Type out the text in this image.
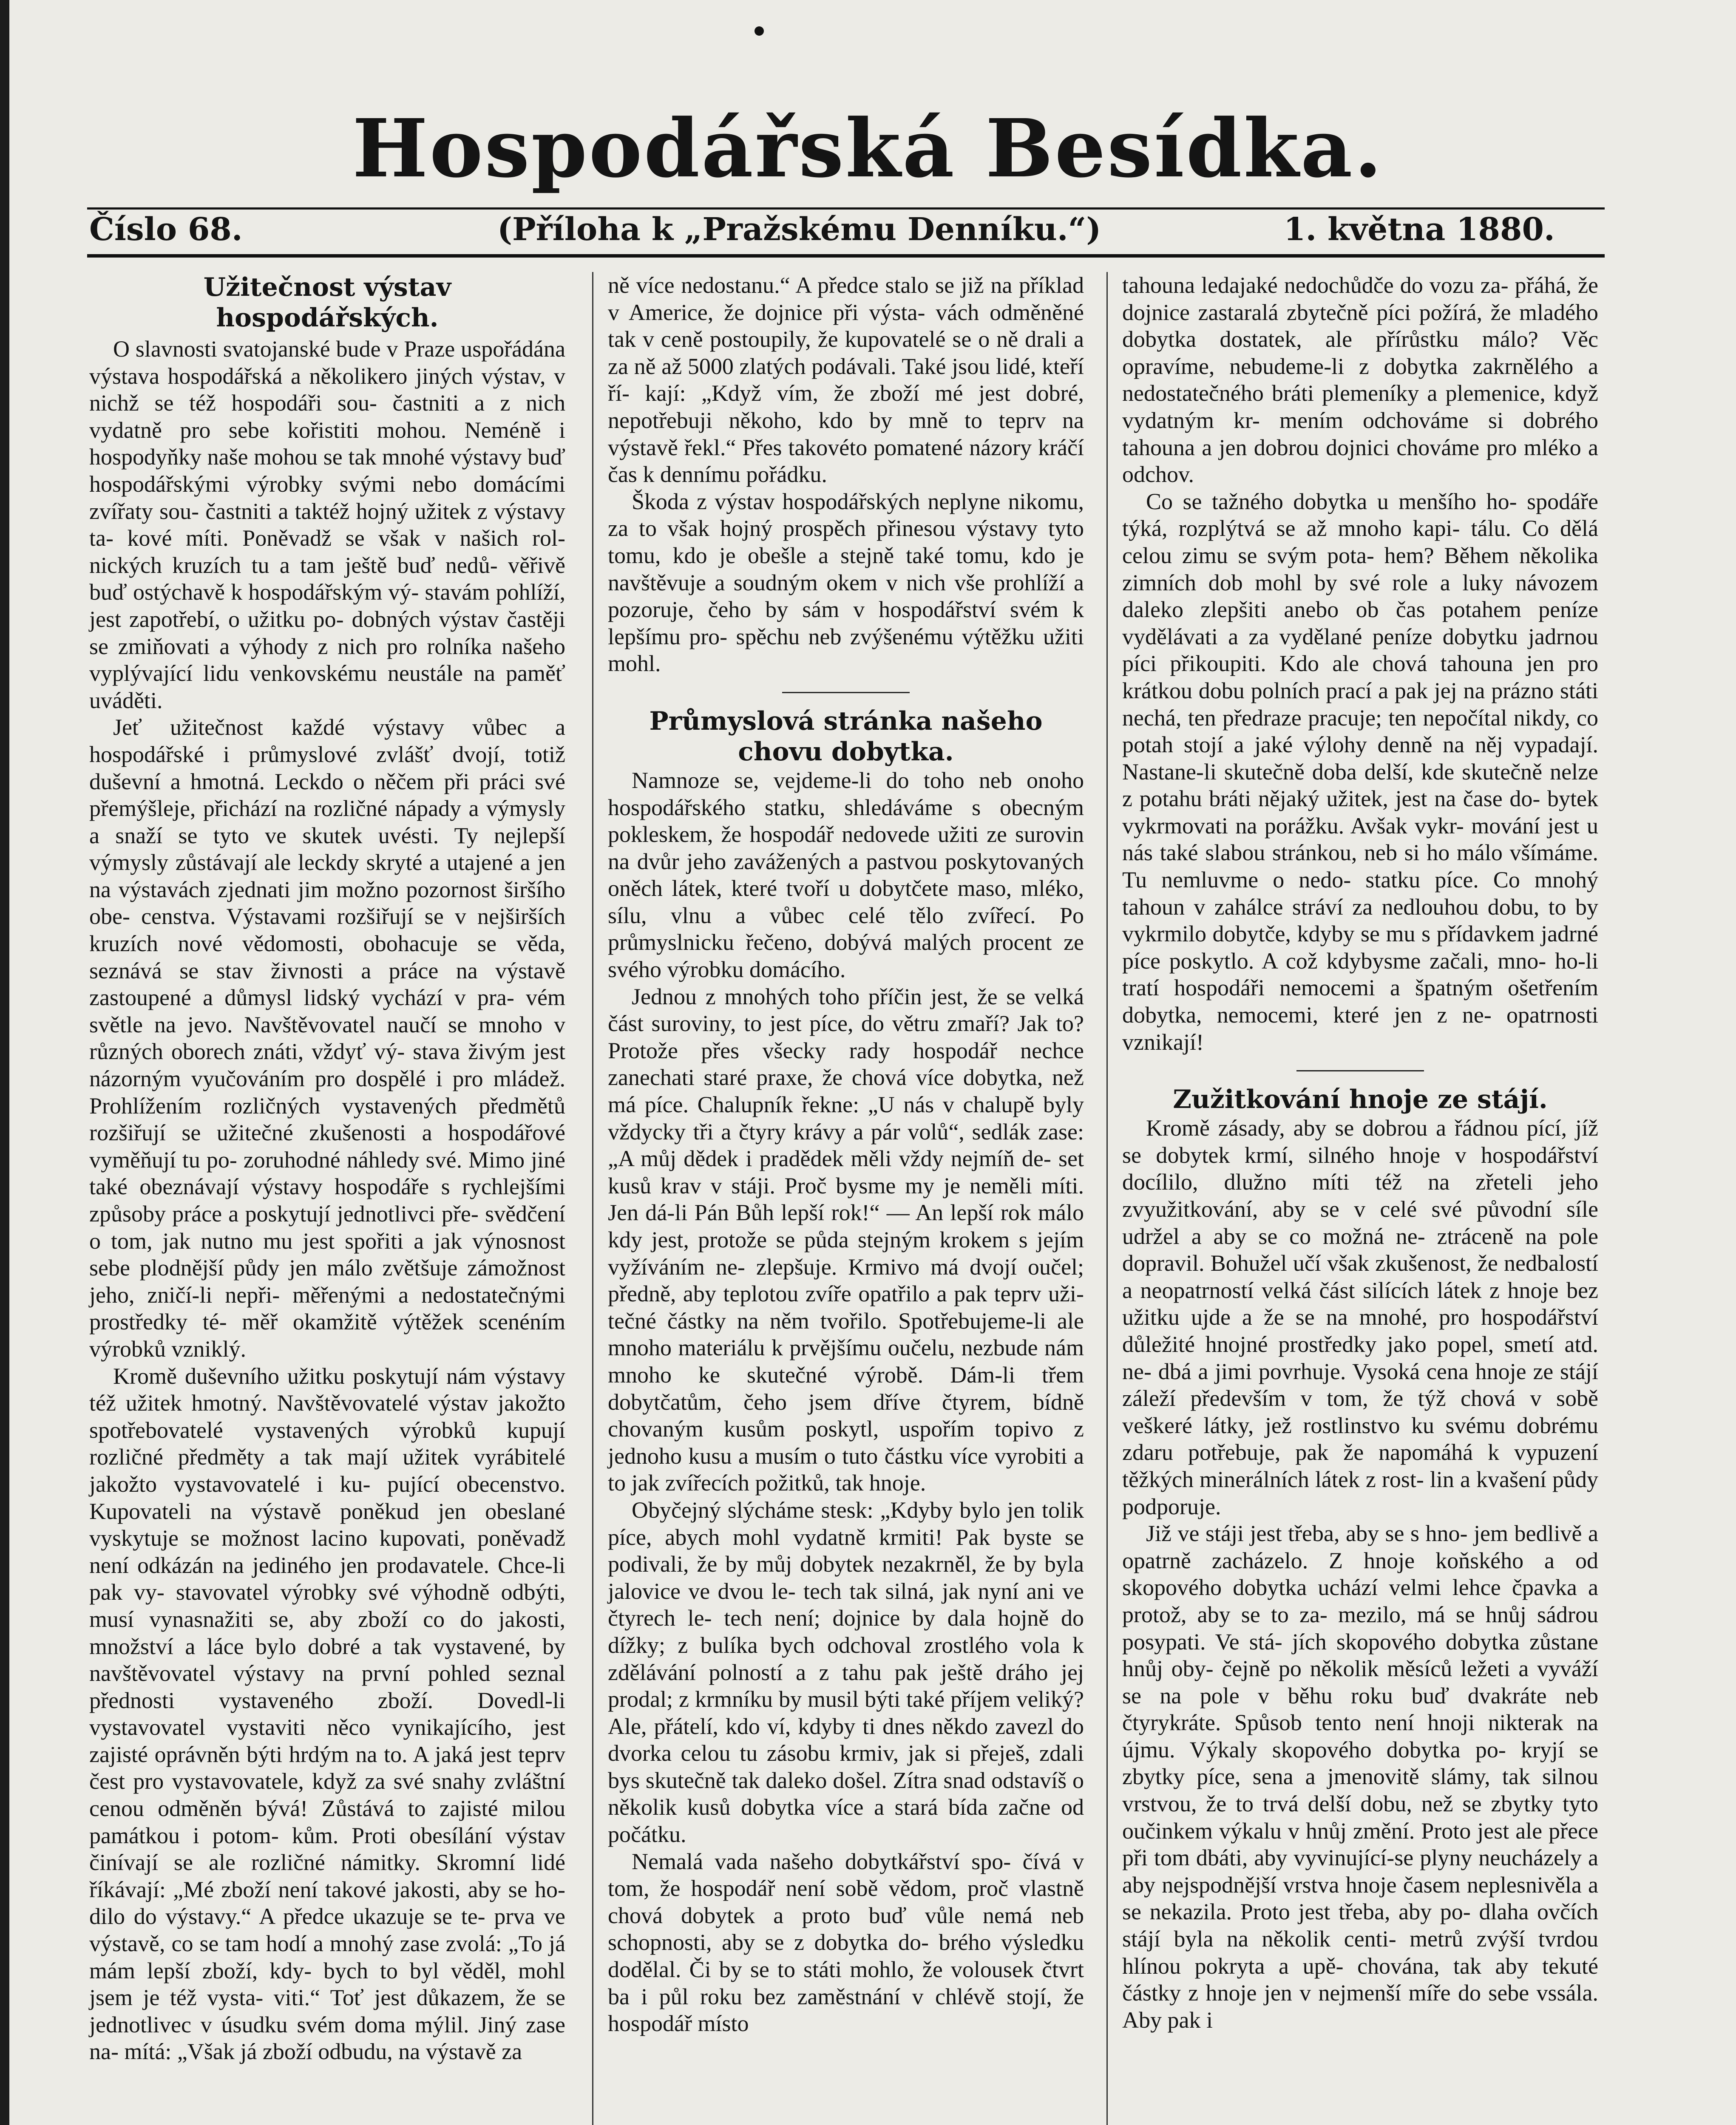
Hospodářská Besídka.
Číslo 68.	(Příloha k „Pražskému Denníku.“)	1. května 1880.
Užitečnost výstav hospodářských.

O slavnosti svatojanské bude v Praze uspořádána výstava hospodářská a několikero jiných výstav, v nichž se též hospodáři sou- častniti a z nich vydatně pro sebe kořistiti mohou. Neméně i hospodyňky naše mohou se tak mnohé výstavy buď hospodářskými výrobky svými nebo domácími zvířaty sou- častniti a taktéž hojný užitek z výstavy ta- kové míti. Poněvadž se však v našich rol- nických kruzích tu a tam ještě buď nedů- věřivě buď ostýchavě k hospodářským vý- stavám pohlíží, jest zapotřebí, o užitku po- dobných výstav častěji se zmiňovati a výhody z nich pro rolníka našeho vyplývající lidu venkovskému neustále na paměť uváděti.

Jeť užitečnost každé výstavy vůbec a hospodářské i průmyslové zvlášť dvojí, totiž duševní a hmotná. Leckdo o něčem při práci své přemýšleje, přichází na rozličné nápady a výmysly a snaží se tyto ve skutek uvésti. Ty nejlepší výmysly zůstávají ale leckdy skryté a utajené a jen na výstavách zjednati jim možno pozornost širšího obe- censtva. Výstavami rozšiřují se v nejširších kruzích nové vědomosti, obohacuje se věda, seznává se stav živnosti a práce na výstavě zastoupené a důmysl lidský vychází v pra- vém světle na jevo. Navštěvovatel naučí se mnoho v různých oborech znáti, vždyť vý- stava živým jest názorným vyučováním pro dospělé i pro mládež. Prohlížením rozličných vystavených předmětů rozšiřují se užitečné zkušenosti a hospodářové vyměňují tu po- zoruhodné náhledy své. Mimo jiné také obeznávají výstavy hospodáře s rychlejšími způsoby práce a poskytují jednotlivci pře- svědčení o tom, jak nutno mu jest spořiti a jak výnosnost sebe plodnější půdy jen málo zvětšuje zámožnost jeho, zničí-li nepři- měřenými a nedostatečnými prostředky té- měř okamžitě výtěžek scenéním výrobků vzniklý.

Kromě duševního užitku poskytují nám výstavy též užitek hmotný. Navštěvovatelé výstav jakožto spotřebovatelé vystavených výrobků kupují rozličné předměty a tak mají užitek vyrábitelé jakožto vystavovatelé i ku- pující obecenstvo. Kupovateli na výstavě poněkud jen obeslané vyskytuje se možnost lacino kupovati, poněvadž není odkázán na jediného jen prodavatele. Chce-li pak vy- stavovatel výrobky své výhodně odbýti, musí vynasnažiti se, aby zboží co do jakosti, množství a láce bylo dobré a tak vystavené, by navštěvovatel výstavy na první pohled seznal přednosti vystaveného zboží. Dovedl-li vystavovatel vystaviti něco vynikajícího, jest zajisté oprávněn býti hrdým na to. A jaká jest teprv čest pro vystavovatele, když za své snahy zvláštní cenou odměněn bývá! Zůstává to zajisté milou památkou i potom- kům. Proti obesílání výstav činívají se ale rozličné námitky. Skromní lidé říkávají: „Mé zboží není takové jakosti, aby se ho- dilo do výstavy.“ A předce ukazuje se te- prva ve výstavě, co se tam hodí a mnohý zase zvolá: „To já mám lepší zboží, kdy- bych to byl věděl, mohl jsem je též vysta- viti.“ Toť jest důkazem, že se jednotlivec v úsudku svém doma mýlil. Jiný zase na- mítá: „Však já zboží odbudu, na výstavě za

ně více nedostanu.“ A předce stalo se již na příklad v Americe, že dojnice při výsta- vách odměněné tak v ceně postoupily, že kupovatelé se o ně drali a za ně až 5000 zlatých podávali. Také jsou lidé, kteří ří- kají: „Když vím, že zboží mé jest dobré, nepotřebuji někoho, kdo by mně to teprv na výstavě řekl.“ Přes takovéto pomatené názory kráčí čas k dennímu pořádku.

Škoda z výstav hospodářských neplyne nikomu, za to však hojný prospěch přinesou výstavy tyto tomu, kdo je obešle a stejně také tomu, kdo je navštěvuje a soudným okem v nich vše prohlíží a pozoruje, čeho by sám v hospodářství svém k lepšímu pro- spěchu neb zvýšenému výtěžku užiti mohl.

Průmyslová stránka našeho chovu dobytka.

Namnoze se, vejdeme-li do toho neb onoho hospodářského statku, shledáváme s obecným pokleskem, že hospodář nedovede užiti ze surovin na dvůr jeho zavážených a pastvou poskytovaných oněch látek, které tvoří u dobytčete maso, mléko, sílu, vlnu a vůbec celé tělo zvířecí. Po průmyslnicku řečeno, dobývá malých procent ze svého výrobku domácího.

Jednou z mnohých toho příčin jest, že se velká část suroviny, to jest píce, do větru zmaří? Jak to? Protože přes všecky rady hospodář nechce zanechati staré praxe, že chová více dobytka, než má píce. Chalupník řekne: „U nás v chalupě byly vždycky tři a čtyry krávy a pár volů“, sedlák zase: „A můj dědek i pradědek měli vždy nejmíň de- set kusů krav v stáji. Proč bysme my je neměli míti. Jen dá-li Pán Bůh lepší rok!“ — An lepší rok málo kdy jest, protože se půda stejným krokem s jejím vyžíváním ne- zlepšuje. Krmivo má dvojí oučel; předně, aby teplotou zvíře opatřilo a pak teprv uži- tečné částky na něm tvořilo. Spotřebujeme-li ale mnoho materiálu k prvějšímu oučelu, nezbude nám mnoho ke skutečné výrobě. Dám-li třem dobytčatům, čeho jsem dříve čtyrem, bídně chovaným kusům poskytl, uspořím topivo z jednoho kusu a musím o tuto částku více vyrobiti a to jak zvířecích požitků, tak hnoje.

Obyčejný slýcháme stesk: „Kdyby bylo jen tolik píce, abych mohl vydatně krmiti! Pak byste se podivali, že by můj dobytek nezakrněl, že by byla jalovice ve dvou le- tech tak silná, jak nyní ani ve čtyrech le- tech není; dojnice by dala hojně do dížky; z bulíka bych odchoval zrostlého vola k zdělávání polností a z tahu pak ještě dráho jej prodal; z krmníku by musil býti také příjem veliký? Ale, přátelí, kdo ví, kdyby ti dnes někdo zavezl do dvorka celou tu zásobu krmiv, jak si přeješ, zdali bys skutečně tak daleko došel. Zítra snad odstavíš o několik kusů dobytka více a stará bída začne od počátku.

Nemalá vada našeho dobytkářství spo- čívá v tom, že hospodář není sobě vědom, proč vlastně chová dobytek a proto buď vůle nemá neb schopnosti, aby se z dobytka do- brého výsledku dodělal. Či by se to státi mohlo, že volousek čtvrt ba i půl roku bez zaměstnání v chlévě stojí, že hospodář místo

tahouna ledajaké nedochůdče do vozu za- přáhá, že dojnice zastaralá zbytečně píci požírá, že mladého dobytka dostatek, ale přírůstku málo? Věc opravíme, nebudeme-li z dobytka zakrnělého a nedostatečného bráti plemeníky a plemenice, když vydatným kr- mením odchováme si dobrého tahouna a jen dobrou dojnici chováme pro mléko a odchov.

Co se tažného dobytka u menšího ho- spodáře týká, rozplýtvá se až mnoho kapi- tálu. Co dělá celou zimu se svým pota- hem? Během několika zimních dob mohl by své role a luky návozem daleko zlepšiti anebo ob čas potahem peníze vydělávati a za vydělané peníze dobytku jadrnou píci přikoupiti. Kdo ale chová tahouna jen pro krátkou dobu polních prací a pak jej na prázno státi nechá, ten předraze pracuje; ten nepočítal nikdy, co potah stojí a jaké výlohy denně na něj vypadají. Nastane-li skutečně doba delší, kde skutečně nelze z potahu bráti nějaký užitek, jest na čase do- bytek vykrmovati na porážku. Avšak vykr- mování jest u nás také slabou stránkou, neb si ho málo všímáme. Tu nemluvme o nedo- statku píce. Co mnohý tahoun v zahálce stráví za nedlouhou dobu, to by vykrmilo dobytče, kdyby se mu s přídavkem jadrné píce poskytlo. A což kdybysme začali, mno- ho-li tratí hospodáři nemocemi a špatným ošetřením dobytka, nemocemi, které jen z ne- opatrnosti vznikají!

Zužitkování hnoje ze stájí.

Kromě zásady, aby se dobrou a řádnou pící, jíž se dobytek krmí, silného hnoje v hospodářství docílilo, dlužno míti též na zřeteli jeho zvyužitkování, aby se v celé své původní síle udržel a aby se co možná ne- ztráceně na pole dopravil. Bohužel učí však zkušenost, že nedbalostí a neopatrností velká část silících látek z hnoje bez užitku ujde a že se na mnohé, pro hospodářství důležité hnojné prostředky jako popel, smetí atd. ne- dbá a jimi povrhuje. Vysoká cena hnoje ze stájí záleží především v tom, že týž chová v sobě veškeré látky, jež rostlinstvo ku svému dobrému zdaru potřebuje, pak že napomáhá k vypuzení těžkých minerálních látek z rost- lin a kvašení půdy podporuje.

Již ve stáji jest třeba, aby se s hno- jem bedlivě a opatrně zacházelo. Z hnoje koňského a od skopového dobytka uchází velmi lehce čpavka a protož, aby se to za- mezilo, má se hnůj sádrou posypati. Ve stá- jích skopového dobytka zůstane hnůj oby- čejně po několik měsíců ležeti a vyváží se na pole v běhu roku buď dvakráte neb čtyrykráte. Spůsob tento není hnoji nikterak na újmu. Výkaly skopového dobytka po- kryjí se zbytky píce, sena a jmenovitě slámy, tak silnou vrstvou, že to trvá delší dobu, než se zbytky tyto oučinkem výkalu v hnůj změní. Proto jest ale přece při tom dbáti, aby vyvinující-se plyny neucházely a aby nejspodnější vrstva hnoje časem neplesnivěla a se nekazila. Proto jest třeba, aby po- dlaha ovčích stájí byla na několik centi- metrů zvýší tvrdou hlínou pokryta a upě- chována, tak aby tekuté částky z hnoje jen v nejmenší míře do sebe vssála. Aby pak i
